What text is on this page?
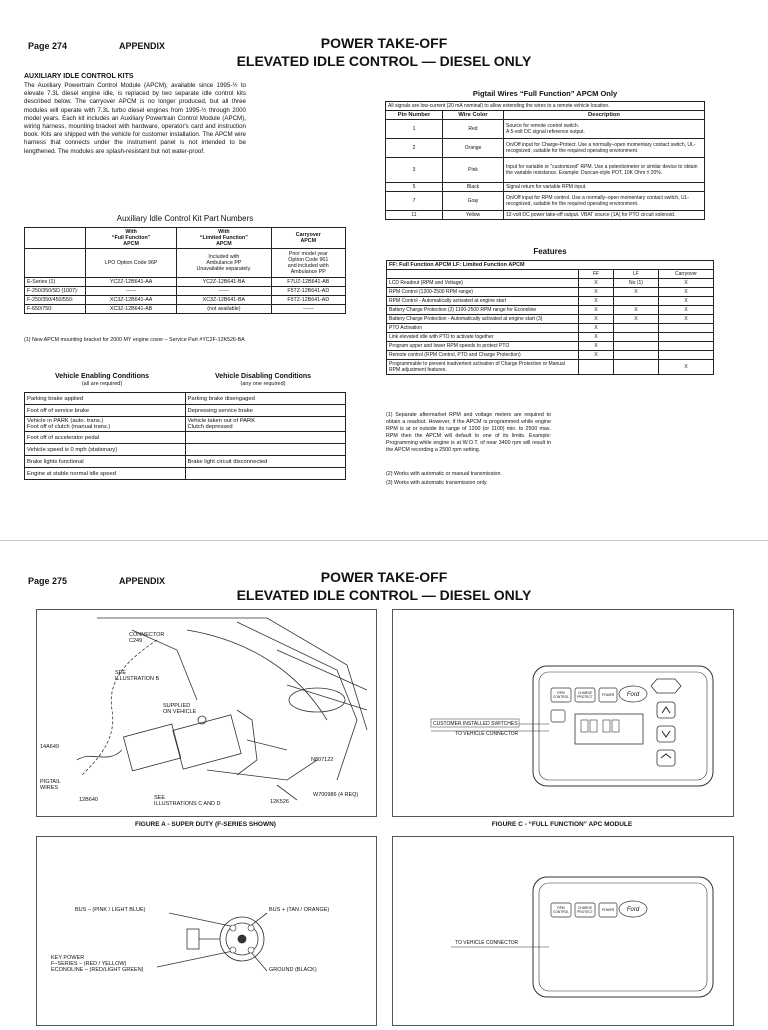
Page 274	APPENDIX	POWER TAKE-OFF
ELEVATED IDLE CONTROL — DIESEL ONLY
AUXILIARY IDLE CONTROL KITS
The Auxiliary Powertrain Control Module (APCM), available since 1995-½ to elevate 7.3L diesel engine idle, is replaced by two separate idle control kits described below. The carryover APCM is no longer produced, but all three modules will operate with 7.3L turbo diesel engines from 1995-½ through 2000 model years. Each kit includes an Auxiliary Powertrain Control Module (APCM), wiring harness, mounting bracket with hardware, operator's card and instruction book. Kits are shipped with the vehicle for customer installation. The APCM wire harness that connects under the instrument panel is not intended to be lengthened. The modules are splash-resistant but not water-proof.
Auxiliary Idle Control Kit Part Numbers
	With
“Full Function”
APCM	With
“Limited Function”
APCM	Carryover
APCM
	LPO Option Code 96P	Included with
Ambulance PP
Unavailable separately.	Prior model year
Option Code 961
and included with
Ambulance PP
E-Series (1)	YC2Z-12B641-AA	YC2Z-12B641-BA	F7UZ-12B641-AB
F-250/350/SD (1007):	------	------	F5TZ-12B641-AD
F-250/350/450/550:	XC3Z-12B641-AA	XC3Z-12B641-BA	F5TZ-12B641-AD
F-650/750:	XC3Z-12B641-AB	(not available)	------
(1) New APCM mounting bracket for 2000 MY engine cover – Service Part #YC2F-12K526-BA
Vehicle Enabling Conditions
(all are required)
Vehicle Disabling Conditions
(any one required)
Parking brake applied	Parking brake disengaged
Foot off of service brake	Depressing service brake
Vehicle in PARK (auto. trans.)
Foot off of clutch (manual trans.)	Vehicle taken out of PARK
Clutch depressed
Foot off of accelerator pedal	
Vehicle speed is 0 mph (stationary)	
Brake lights functional	Brake light circuit disconnected
Engine at stable normal idle speed	
Pigtail Wires “Full Function” APCM Only
All signals are low-current (20 mA nominal) to allow extending the wires to a remote vehicle location.		
Pin Number	Wire Color	Description
1	Red	Source for remote control switch.
A 5-volt DC signal reference output.
2	Orange	On/Off input for Charge-Protect. Use a normally–open momentary contact switch, UL-recognized, suitable for the required operating environment.
3	Pink	Input for variable or “customized” RPM. Use a potentiometer or similar device to obtain the variable resistance. Example: Duncan-style POT, 10K Ohm ± 20%.
5	Black	Signal return for variable RPM input.
7	Gray	On/Off input for RPM control. Use a normally–open momentary contact switch, UL-recognized, suitable for the required operating environment.
11	Yellow	12-volt DC power take-off output. VBAT source (1A) for PTO circuit solenoid.
Features
FF: Full Function APCM LF: Limited Function APCM			
	FF	LF	Carryover
LCD Readout (RPM and Voltage)	X	No (1)	X
RPM Control (1200-2500 RPM range)	X	X	X
RPM Control - Automatically activated at engine start	X		X
Battery Charge Protection (2) 1100-2500 RPM range for Econoline	X	X	X
Battery Charge Protection - Automatically activated at engine start (3)	X	X	X
PTO Activation	X		
Link elevated idle with PTO to activate together	X		
Program upper and lower RPM speeds to protect PTO	X		
Remote control (RPM Control, PTO and Charge Protection)	X		
Programmable to prevent inadvertent activation of Charge Protection or Manual RPM adjustment features.			X
(1) Separate aftermarket RPM and voltage meters are required to obtain a readout. However, if the APCM is programmed while engine RPM is at or outside its range of 1200 (or 1100) min. to 2500 max. RPM then the APCM will default to one of its limits. Example: Programming while engine is at W.O.T. of near 3400 rpm will result in the APCM recording a 2500 rpm setting.
(2) Works with automatic or manual transmission.
(3) Works with automatic transmission only.
Page 275	APPENDIX	POWER TAKE-OFF
ELEVATED IDLE CONTROL — DIESEL ONLY
CONNECTOR C249
SEE ILLUSTRATION B
SUPPLIED ON VEHICLE
14A649
PIGTAIL WIRES
12B640	SEE ILLUSTRATIONS C AND D
N807122
W700986 (4 REQ)
12K526
FIGURE A - SUPER DUTY (F-SERIES SHOWN)
CUSTOMER INSTALLED SWITCHES
TO VEHICLE CONNECTOR
RPM CONTROL
CHARGE PROTECT	POWER Ford
FIGURE C - “FULL FUNCTION” APC MODULE
BUS – (PINK / LIGHT BLUE)	BUS + (TAN / ORANGE)
KEY POWER F–SERIES – (RED / YELLOW) ECONOLINE – (RED/LIGHT GREEN)	GROUND (BLACK)
TO VEHICLE CONNECTOR
RPM CONTROL
CHARGE PROTECT	POWER Ford
